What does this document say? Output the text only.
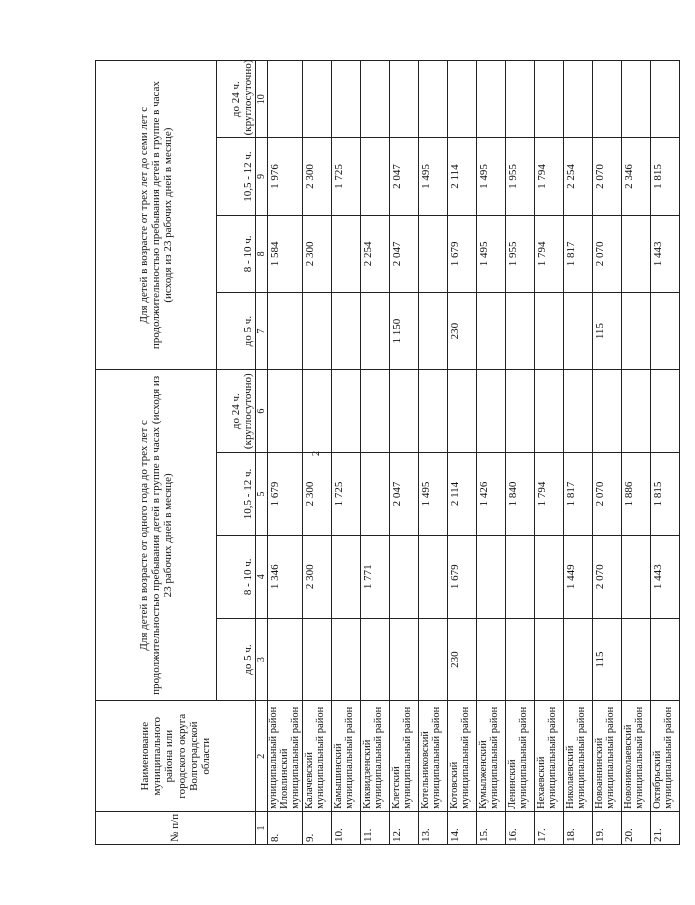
2
№ п/п	Наименование муниципального района или городского округа Волгоградской области	Для детей в возрасте от одного года до трех лет с продолжительностью пребывания детей в группе в часах (исходя из 23 рабочих дней в месяце)				Для детей в возрасте от трех лет до семи лет с продолжительностью пребывания детей в группе в часах (исходя из 23 рабочих дней в месяце)			
		до 5 ч.	8 - 10 ч.	10,5 - 12 ч.	до 24 ч. (круглосуточно)	до 5 ч.	8 - 10 ч.	10,5 - 12 ч.	до 24 ч. (круглосуточно)
1	2	3	4	5	6	7	8	9	10
8.	муниципальный район Иловлинский муниципальный район		1 346	1 679			1 584	1 976	
9.	Калачевский муниципальный район		2 300	2 300			2 300	2 300	
10.	Камышинский муниципальный район			1 725				1 725	
11.	Киквидзенский муниципальный район		1 771				2 254		
12.	Клетский муниципальный район			2 047		1 150	2 047	2 047	
13.	Котельниковский муниципальный район			1 495				1 495	
14.	Котовский муниципальный район	230	1 679	2 114		230	1 679	2 114	
15.	Кумылженский муниципальный район			1 426			1 495	1 495	
16.	Ленинский муниципальный район			1 840			1 955	1 955	
17.	Нехаевский муниципальный район			1 794			1 794	1 794	
18.	Николаевский муниципальный район		1 449	1 817			1 817	2 254	
19.	Новоаннинский муниципальный район	115	2 070	2 070		115	2 070	2 070	
20.	Новониколаевский муниципальный район			1 886				2 346	
21.	Октябрьский муниципальный район		1 443	1 815			1 443	1 815	
